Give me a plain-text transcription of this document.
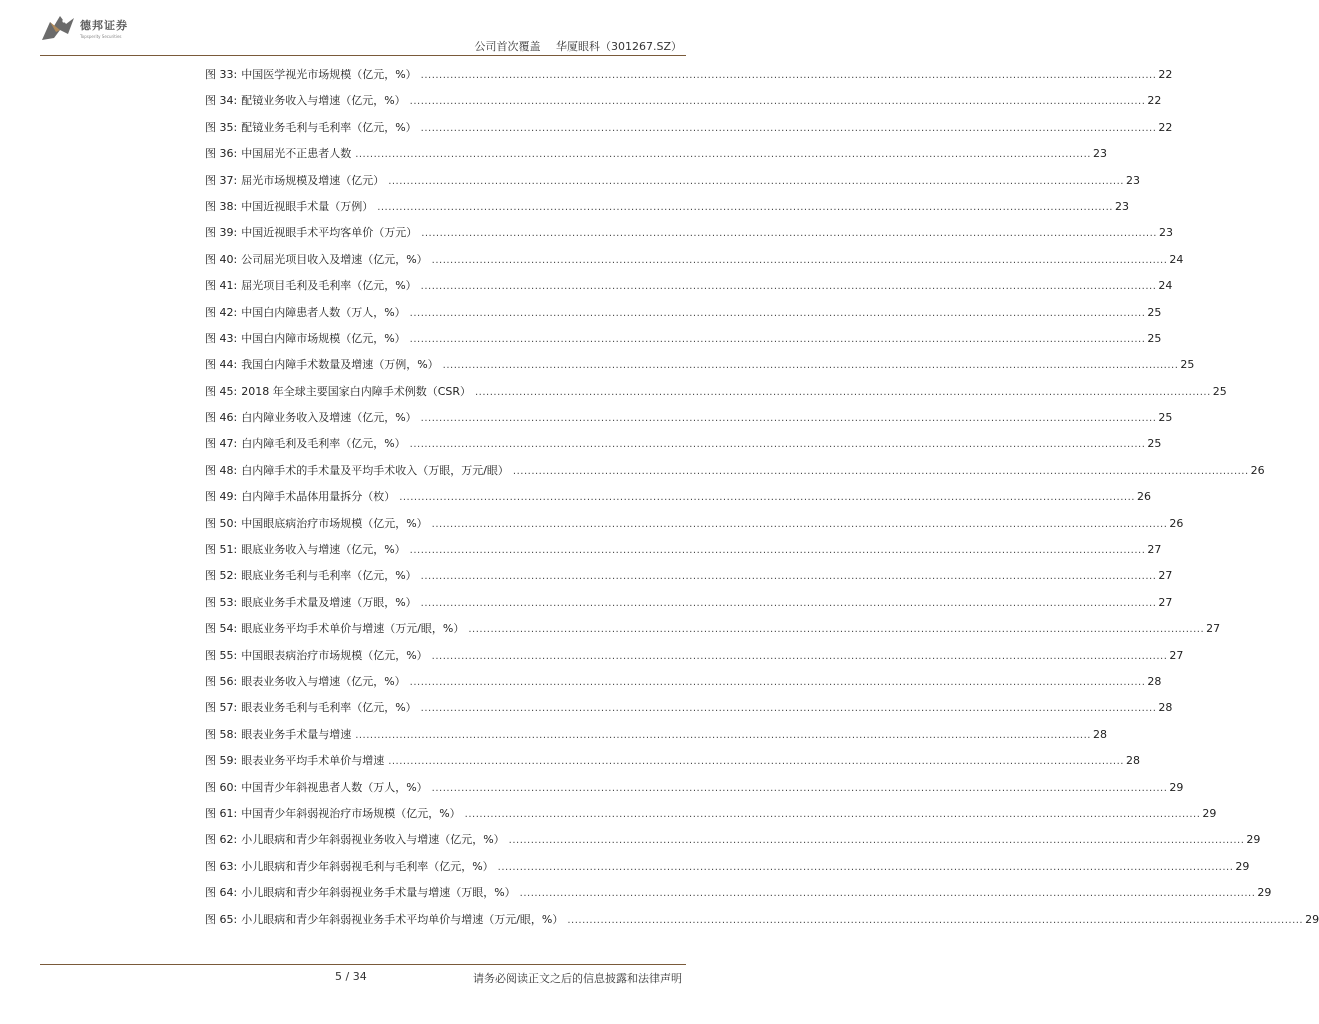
德邦证券
Topsperity Securities
公司首次覆盖 华厦眼科（301267.SZ）
图 33: 中国医学视光市场规模（亿元，%） ........................................................................................................................................................................................................ 22
图 34: 配镜业务收入与增速（亿元，%） ........................................................................................................................................................................................................ 22
图 35: 配镜业务毛利与毛利率（亿元，%） ........................................................................................................................................................................................................ 22
图 36: 中国屈光不正患者人数 ........................................................................................................................................................................................................ 23
图 37: 屈光市场规模及增速（亿元） ........................................................................................................................................................................................................ 23
图 38: 中国近视眼手术量（万例） ........................................................................................................................................................................................................ 23
图 39: 中国近视眼手术平均客单价（万元） ........................................................................................................................................................................................................ 23
图 40: 公司屈光项目收入及增速（亿元，%） ........................................................................................................................................................................................................ 24
图 41: 屈光项目毛利及毛利率（亿元，%） ........................................................................................................................................................................................................ 24
图 42: 中国白内障患者人数（万人，%） ........................................................................................................................................................................................................ 25
图 43: 中国白内障市场规模（亿元，%） ........................................................................................................................................................................................................ 25
图 44: 我国白内障手术数量及增速（万例，%） ........................................................................................................................................................................................................ 25
图 45: 2018 年全球主要国家白内障手术例数（CSR） ........................................................................................................................................................................................................ 25
图 46: 白内障业务收入及增速（亿元，%） ........................................................................................................................................................................................................ 25
图 47: 白内障毛利及毛利率（亿元，%） ........................................................................................................................................................................................................ 25
图 48: 白内障手术的手术量及平均手术收入（万眼，万元/眼） ........................................................................................................................................................................................................ 26
图 49: 白内障手术晶体用量拆分（枚） ........................................................................................................................................................................................................ 26
图 50: 中国眼底病治疗市场规模（亿元，%） ........................................................................................................................................................................................................ 26
图 51: 眼底业务收入与增速（亿元，%） ........................................................................................................................................................................................................ 27
图 52: 眼底业务毛利与毛利率（亿元，%） ........................................................................................................................................................................................................ 27
图 53: 眼底业务手术量及增速（万眼，%） ........................................................................................................................................................................................................ 27
图 54: 眼底业务平均手术单价与增速（万元/眼，%） ........................................................................................................................................................................................................ 27
图 55: 中国眼表病治疗市场规模（亿元，%） ........................................................................................................................................................................................................ 27
图 56: 眼表业务收入与增速（亿元，%） ........................................................................................................................................................................................................ 28
图 57: 眼表业务毛利与毛利率（亿元，%） ........................................................................................................................................................................................................ 28
图 58: 眼表业务手术量与增速 ........................................................................................................................................................................................................ 28
图 59: 眼表业务平均手术单价与增速 ........................................................................................................................................................................................................ 28
图 60: 中国青少年斜视患者人数（万人，%） ........................................................................................................................................................................................................ 29
图 61: 中国青少年斜弱视治疗市场规模（亿元，%） ........................................................................................................................................................................................................ 29
图 62: 小儿眼病和青少年斜弱视业务收入与增速（亿元，%） ........................................................................................................................................................................................................ 29
图 63: 小儿眼病和青少年斜弱视毛利与毛利率（亿元，%） ........................................................................................................................................................................................................ 29
图 64: 小儿眼病和青少年斜弱视业务手术量与增速（万眼，%） ........................................................................................................................................................................................................ 29
图 65: 小儿眼病和青少年斜弱视业务手术平均单价与增速（万元/眼，%） ........................................................................................................................................................................................................ 29
5 / 34	请务必阅读正文之后的信息披露和法律声明
